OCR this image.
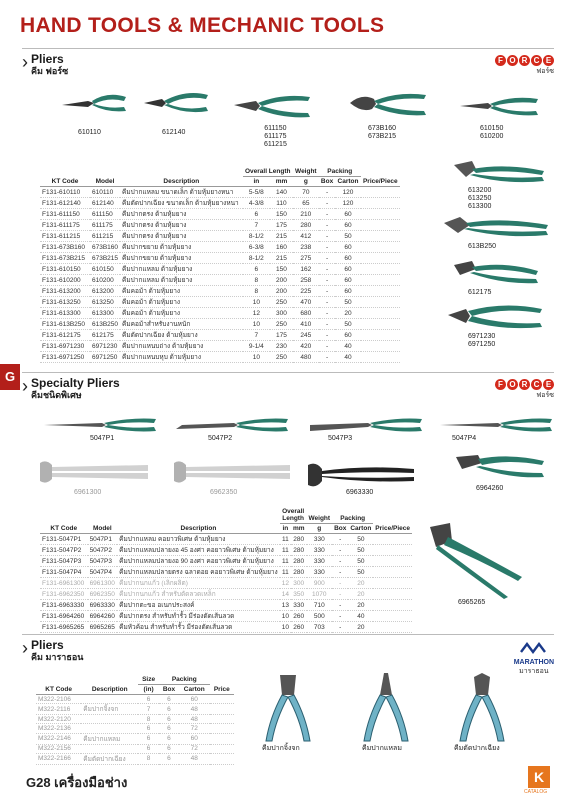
HAND TOOLS & MECHANIC TOOLS
G
› Pliers
คีม ฟอร์ซ
F O R C E
ฟอร์ซ
610110	612140
611150
611175
611215
673B160
673B215
610150
610200
613200
613250
613300
613B250
612175
6971230
6971250
KT Code	Model	Description	Overall Length		Weight	Packing		Price/Piece
			in	mm	g	Box	Carton	
F131-610110	610110	คีมปากแหลม ขนาดเล็ก ด้ามหุ้มยางหนา	5-5/8	140	70	-	120	
F131-612140	612140	คีมตัดปากเฉียง ขนาดเล็ก ด้ามหุ้มยางหนา	4-3/8	110	65	-	120	
F131-611150	611150	คีมปากตรง ด้ามหุ้มยาง	6	150	210	-	60	
F131-611175	611175	คีมปากตรง ด้ามหุ้มยาง	7	175	280	-	60	
F131-611215	611215	คีมปากตรง ด้ามหุ้มยาง	8-1/2	215	412	-	50	
F131-673B160	673B160	คีมปากขยาย ด้ามหุ้มยาง	6-3/8	160	238	-	60	
F131-673B215	673B215	คีมปากขยาย ด้ามหุ้มยาง	8-1/2	215	275	-	60	
F131-610150	610150	คีมปากแหลม ด้ามหุ้มยาง	6	150	162	-	60	
F131-610200	610200	คีมปากแหลม ด้ามหุ้มยาง	8	200	258	-	60	
F131-613200	613200	คีมคอม้า ด้ามหุ้มยาง	8	200	225	-	60	
F131-613250	613250	คีมคอม้า ด้ามหุ้มยาง	10	250	470	-	50	
F131-613300	613300	คีมคอม้า ด้ามหุ้มยาง	12	300	680	-	20	
F131-613B250	613B250	คีมคอม้าสำหรับงานหนัก	10	250	410	-	50	
F131-612175	612175	คีมตัดปากเฉียง ด้ามหุ้มยาง	7	175	245	-	60	
F131-6971230	6971230	คีมปากแหนบถ่าง ด้ามหุ้มยาง	9-1/4	230	420	-	40	
F131-6971250	6971250	คีมปากแหนบหุบ ด้ามหุ้มยาง	10	250	480	-	40	
› Specialty Pliers
คีมชนิดพิเศษ
F O R C E
ฟอร์ซ
5047P1	5047P2	5047P3	5047P4
6961300	6962350	6963330
6964260
6965265
KT Code	Model	Description	Overall Length		Weight	Packing		Price/Piece
			in	mm	g	Box	Carton	
F131-5047P1	5047P1	คีมปากแหลม คอยาวพิเศษ ด้ามหุ้มยาง	11	280	330	-	50	
F131-5047P2	5047P2	คีมปากแหลมปลายงอ 45 องศา คอยาวพิเศษ ด้ามหุ้มยาง	11	280	330	-	50	
F131-5047P3	5047P3	คีมปากแหลมปลายงอ 90 องศา คอยาวพิเศษ ด้ามหุ้มยาง	11	280	330	-	50	
F131-5047P4	5047P4	คีมปากแหลมปลายตรง ฉลาดอย คอยาวพิเศษ ด้ามหุ้มยาง	11	280	330	-	50	
F131-6961300	6961300	คีมปากนกแก้ว (เลิกผลิต)	12	300	900	-	20	
F131-6962350	6962350	คีมปากนกแก้ว สำหรับตัดลวดเหล็ก	14	350	1070	-	20	
F131-6963330	6963330	คีมปากตะขอ อเนกประสงค์	13	330	710	-	20	
F131-6964260	6964260	คีมปากตรง สำหรับทำรั้ว มีร่องตัดเส้นลวด	10	260	500	-	40	
F131-6965265	6965265	คีมหัวค้อน สำหรับทำรั้ว มีร่องตัดเส้นลวด	10	260	703	-	20	
› Pliers
คีม มาราธอน
MARATHON
มาราธอน
KT Code	Description	Size	Packing		Price
		(in)	Box	Carton	
M322-2106		6	6	60	
M322-2116	คีมปากจิ้งจก	7	6	48	
M322-2120		8	6	48	
M322-2136		6	6	72	
M322-2146	คีมปากแหลม	6	6	60	
M322-2156		6	6	72	
M322-2166	คีมตัดปากเฉียง	8	6	48	
คีมปากจิ้งจก	คีมปากแหลม	คีมตัดปากเฉียง
G28 เครื่องมือช่าง	K
CATALOG
